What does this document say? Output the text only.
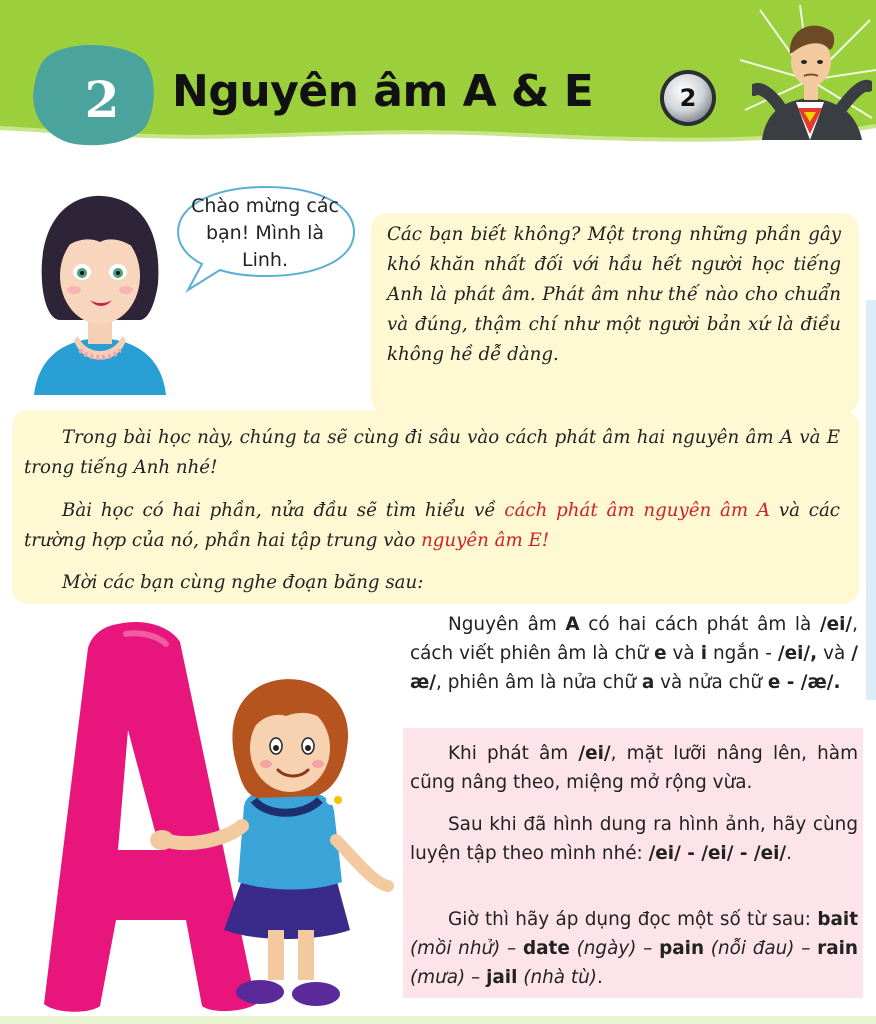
2	Nguyên âm A & E	2
Chào mừng các bạn! Mình là Linh.

Các bạn biết không? Một trong những phần gây khó khăn nhất đối với hầu hết người học tiếng Anh là phát âm. Phát âm như thế nào cho chuẩn và đúng, thậm chí như một người bản xứ là điều không hề dễ dàng.

Trong bài học này, chúng ta sẽ cùng đi sâu vào cách phát âm hai nguyên âm A và E trong tiếng Anh nhé!

Bài học có hai phần, nửa đầu sẽ tìm hiểu về cách phát âm nguyên âm A và các trường hợp của nó, phần hai tập trung vào nguyên âm E!

Mời các bạn cùng nghe đoạn băng sau:

Nguyên âm A có hai cách phát âm là /ei/, cách viết phiên âm là chữ e và i ngắn - /ei/, và /æ/, phiên âm là nửa chữ a và nửa chữ e - /æ/.

Khi phát âm /ei/, mặt lưỡi nâng lên, hàm cũng nâng theo, miệng mở rộng vừa.

Sau khi đã hình dung ra hình ảnh, hãy cùng luyện tập theo mình nhé: /ei/ - /ei/ - /ei/.

Giờ thì hãy áp dụng đọc một số từ sau: bait (mồi nhử) – date (ngày) – pain (nỗi đau) – rain (mưa) – jail (nhà tù).
